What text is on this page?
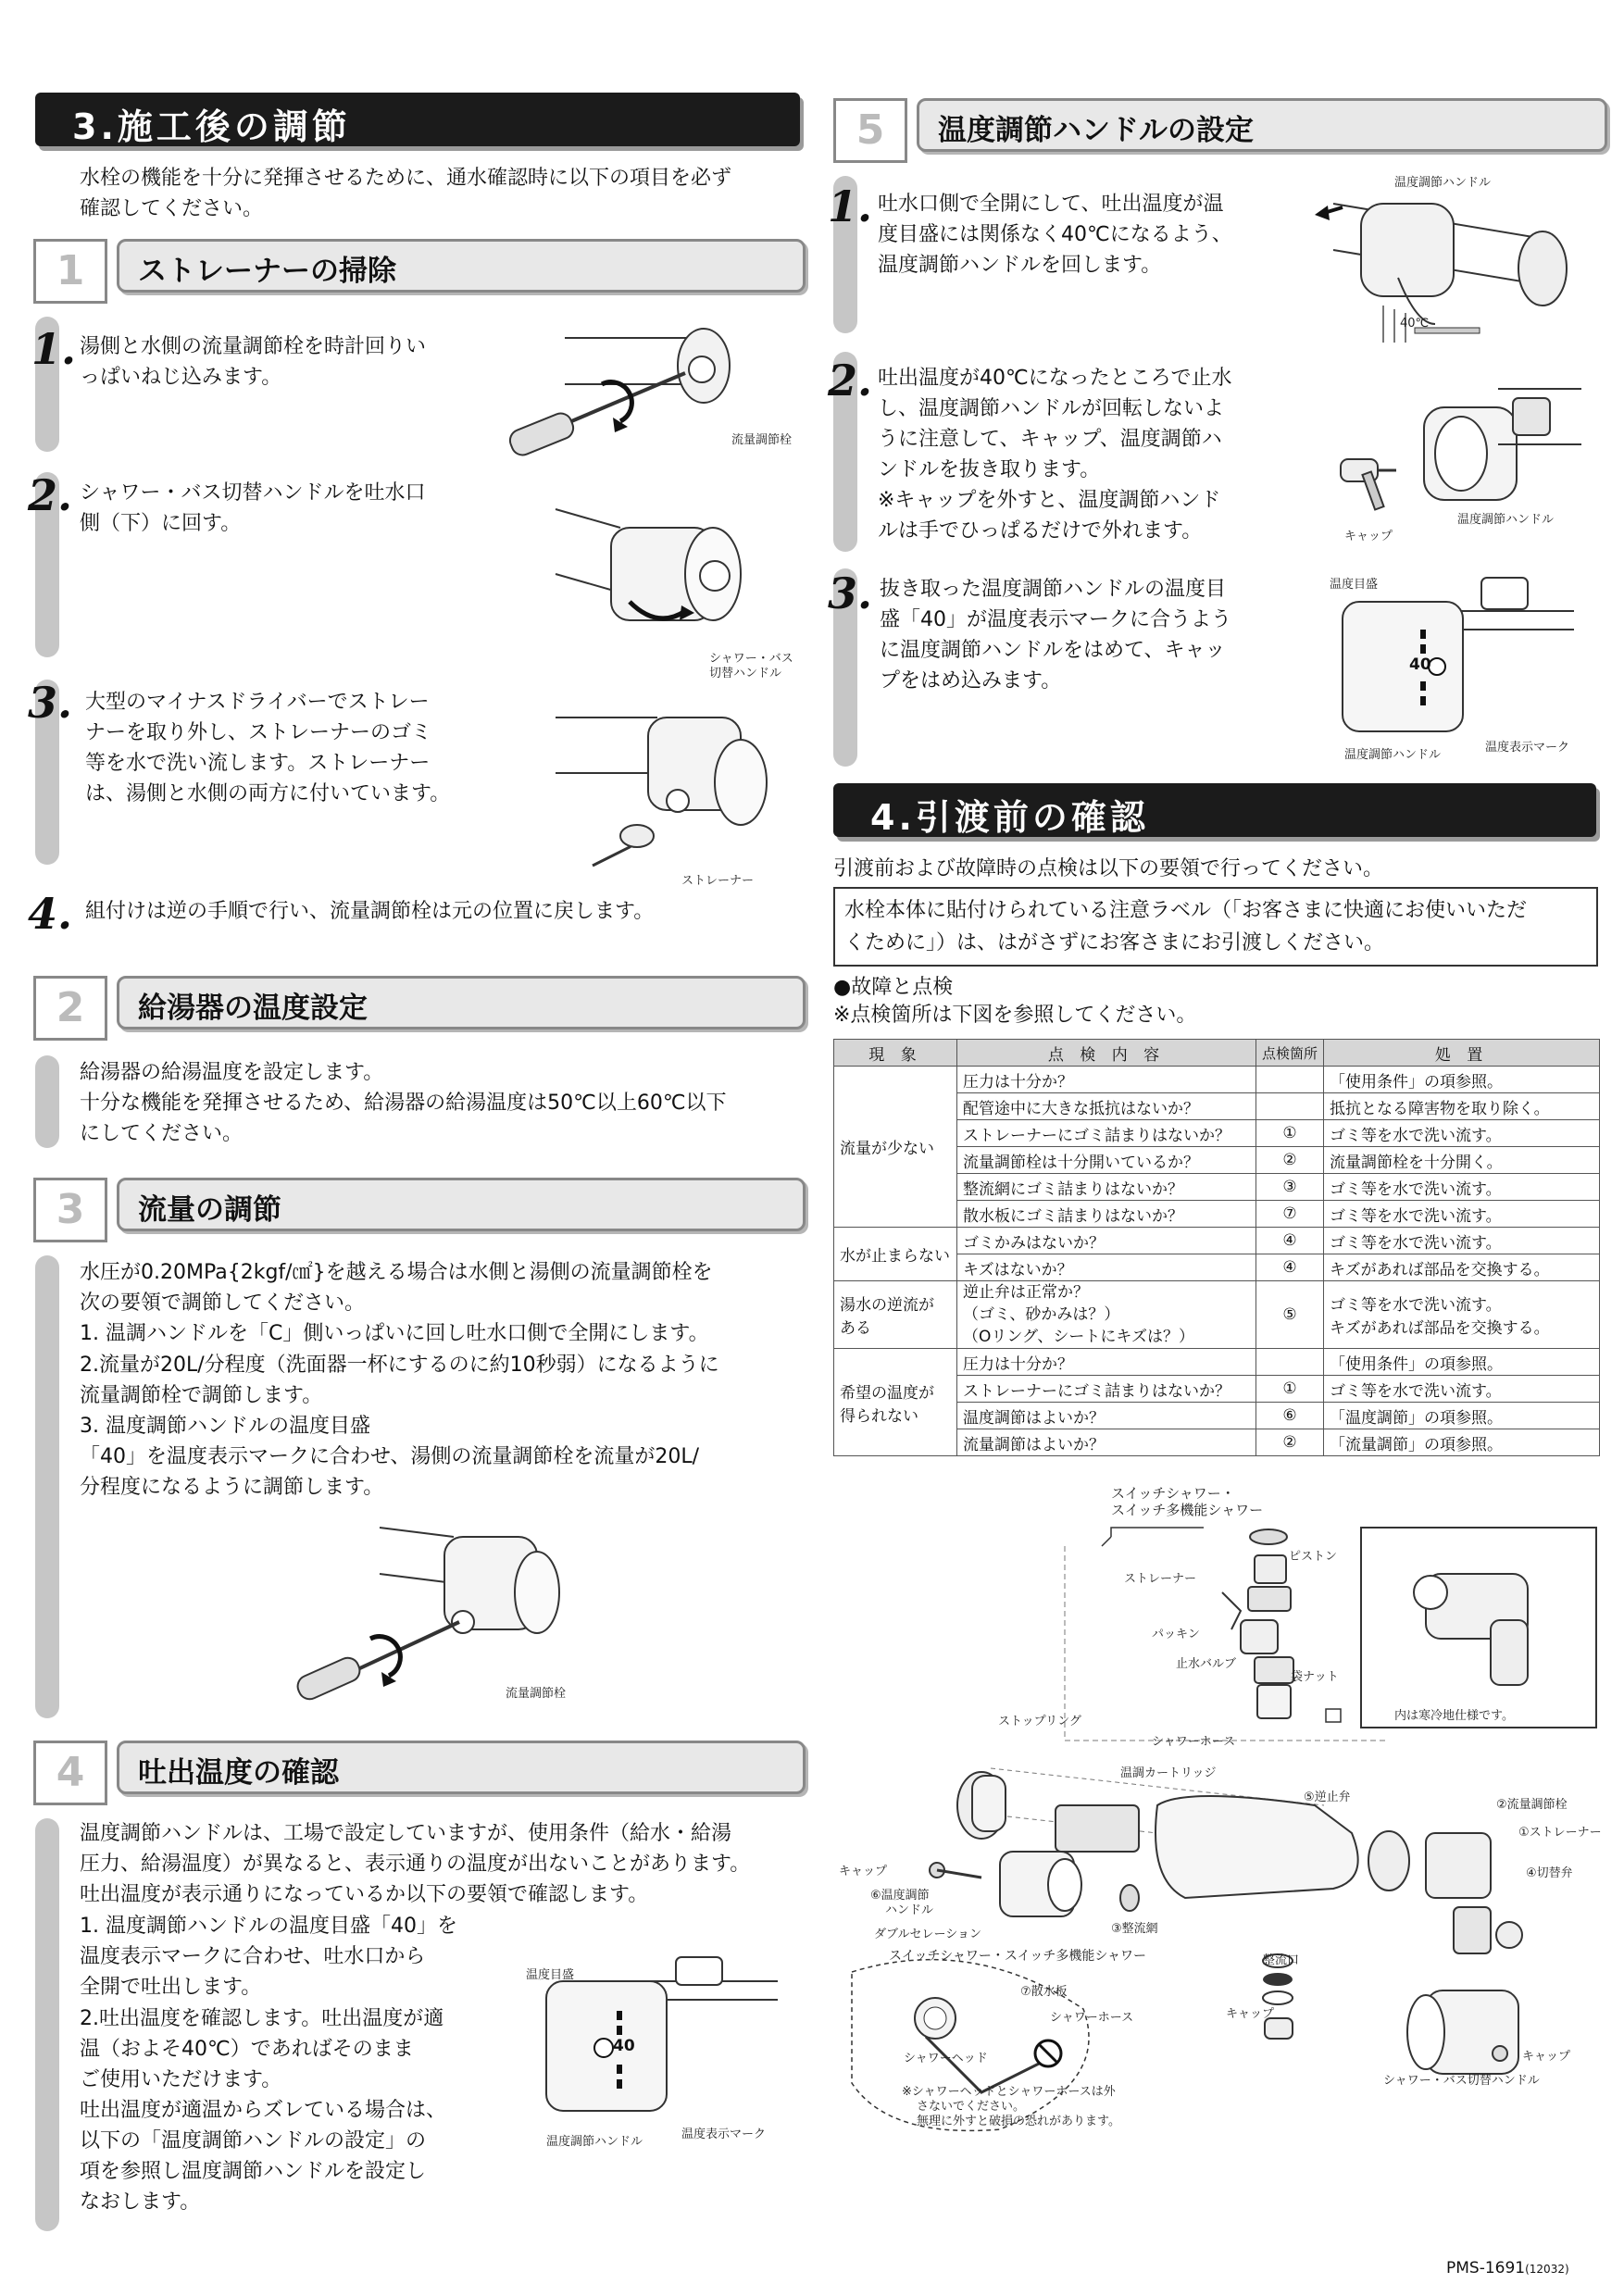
3.施工後の調節
水栓の機能を十分に発揮させるために、通水確認時に以下の項目を必ず
確認してください。
1	ストレーナーの掃除
1. 湯側と水側の流量調節栓を時計回りい
っぱいねじ込みます。
2. シャワー・バス切替ハンドルを吐水口
側（下）に回す。
3. 大型のマイナスドライバーでストレー
ナーを取り外し、ストレーナーのゴミ
等を水で洗い流します。ストレーナー
は、湯側と水側の両方に付いています。
4. 組付けは逆の手順で行い、流量調節栓は元の位置に戻します。
流量調節栓
シャワー・バス
切替ハンドル
ストレーナー
2	給湯器の温度設定
給湯器の給湯温度を設定します。
十分な機能を発揮させるため、給湯器の給湯温度は50℃以上60℃以下
にしてください。
3	流量の調節
水圧が0.20MPa{2kgf/㎠}を越える場合は水側と湯側の流量調節栓を
次の要領で調節してください。
1. 温調ハンドルを「C」側いっぱいに回し吐水口側で全開にします。
2.流量が20L/分程度（洗面器一杯にするのに約10秒弱）になるように
流量調節栓で調節します。
3. 温度調節ハンドルの温度目盛
「40」を温度表示マークに合わせ、湯側の流量調節栓を流量が20L/
分程度になるように調節します。
流量調節栓
4	吐出温度の確認
温度調節ハンドルは、工場で設定していますが、使用条件（給水・給湯
圧力、給湯温度）が異なると、表示通りの温度が出ないことがあります。
吐出温度が表示通りになっているか以下の要領で確認します。
1. 温度調節ハンドルの温度目盛「40」を
温度表示マークに合わせ、吐水口から
全開で吐出します。
2.吐出温度を確認します。吐出温度が適
温（およそ40℃）であればそのまま
ご使用いただけます。
吐出温度が適温からズレている場合は、
以下の「温度調節ハンドルの設定」の
項を参照し温度調節ハンドルを設定し
なおします。
40
温度目盛
温度調節ハンドル
温度表示マーク
5	温度調節ハンドルの設定
1. 吐水口側で全開にして、吐出温度が温
度目盛には関係なく40℃になるよう、
温度調節ハンドルを回します。
2. 吐出温度が40℃になったところで止水
し、温度調節ハンドルが回転しないよ
うに注意して、キャップ、温度調節ハ
ンドルを抜き取ります。
※キャップを外すと、温度調節ハンド
ルは手でひっぱるだけで外れます。
3. 抜き取った温度調節ハンドルの温度目
盛「40」が温度表示マークに合うよう
に温度調節ハンドルをはめて、キャッ
プをはめ込みます。
温度調節ハンドル
40℃
キャップ
温度調節ハンドル
40
温度目盛
温度調節ハンドル
温度表示マーク
4.引渡前の確認
引渡前および故障時の点検は以下の要領で行ってください。
水栓本体に貼付けられている注意ラベル（「お客さまに快適にお使いいただ
くために」）は、はがさずにお客さまにお引渡しください。
●故障と点検
※点検箇所は下図を参照してください。
現 象	点 検 内 容	点検箇所	処 置
流量が少ない	圧力は十分か？		「使用条件」の項参照。
	配管途中に大きな抵抗はないか？		抵抗となる障害物を取り除く。
	ストレーナーにゴミ詰まりはないか？	①	ゴミ等を水で洗い流す。
	流量調節栓は十分開いているか？	②	流量調節栓を十分開く。
	整流網にゴミ詰まりはないか？	③	ゴミ等を水で洗い流す。
	散水板にゴミ詰まりはないか？	⑦	ゴミ等を水で洗い流す。
水が止まらない	ゴミかみはないか？	④	ゴミ等を水で洗い流す。
	キズはないか？	④	キズがあれば部品を交換する。
湯水の逆流が
ある	逆止弁は正常か？
（ゴミ、砂かみは？）
（Oリング、シートにキズは？）	⑤	ゴミ等を水で洗い流す。
キズがあれば部品を交換する。
希望の温度が
得られない	圧力は十分か？		「使用条件」の項参照。
	ストレーナーにゴミ詰まりはないか？	①	ゴミ等を水で洗い流す。
	温度調節はよいか？	⑥	「温度調節」の項参照。
	流量調節はよいか？	②	「流量調節」の項参照。
スイッチシャワー・
スイッチ多機能シャワー
ピストン
ストレーナー
パッキン
止水バルブ
袋ナット
シャワーホース
内は寒冷地仕様です。
ストップリング
温調カートリッジ
⑤逆止弁
②流量調節栓
①ストレーナー
④切替弁
キャップ
⑥温度調節
ハンドル
ダブルセレーション	③整流網
スイッチシャワー・スイッチ多機能シャワー	整流口
キャップ
キャップ
⑦散水板
シャワーホース
シャワーヘッド
※シャワーヘッドとシャワーホースは外
さないでください。
無理に外すと破損の恐れがあります。
シャワー・バス切替ハンドル
PMS-1691(12032)
